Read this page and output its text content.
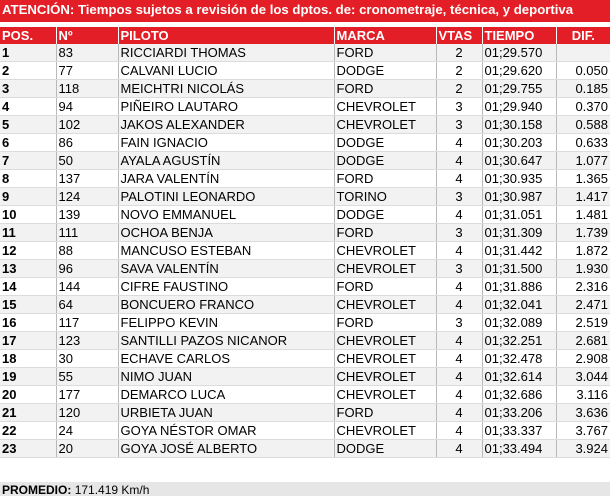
ATENCIÓN: Tiempos sujetos a revisión de los dptos. de: cronometraje, técnica, y deportiva
POS.	Nº	PILOTO	MARCA	VTAS	TIEMPO	DIF.
1	83	RICCIARDI THOMAS	FORD	2	01;29.570	
2	77	CALVANI LUCIO	DODGE	2	01;29.620	0.050
3	118	MEICHTRI NICOLÁS	FORD	2	01;29.755	0.185
4	94	PIÑEIRO LAUTARO	CHEVROLET	3	01;29.940	0.370
5	102	JAKOS ALEXANDER	CHEVROLET	3	01;30.158	0.588
6	86	FAIN IGNACIO	DODGE	4	01;30.203	0.633
7	50	AYALA AGUSTÍN	DODGE	4	01;30.647	1.077
8	137	JARA VALENTÍN	FORD	4	01;30.935	1.365
9	124	PALOTINI LEONARDO	TORINO	3	01;30.987	1.417
10	139	NOVO EMMANUEL	DODGE	4	01;31.051	1.481
11	111	OCHOA BENJA	FORD	3	01;31.309	1.739
12	88	MANCUSO ESTEBAN	CHEVROLET	4	01;31.442	1.872
13	96	SAVA VALENTÍN	CHEVROLET	3	01;31.500	1.930
14	144	CIFRE FAUSTINO	FORD	4	01;31.886	2.316
15	64	BONCUERO FRANCO	CHEVROLET	4	01;32.041	2.471
16	117	FELIPPO KEVIN	FORD	3	01;32.089	2.519
17	123	SANTILLI PAZOS NICANOR	CHEVROLET	4	01;32.251	2.681
18	30	ECHAVE CARLOS	CHEVROLET	4	01;32.478	2.908
19	55	NIMO JUAN	CHEVROLET	4	01;32.614	3.044
20	177	DEMARCO LUCA	CHEVROLET	4	01;32.686	3.116
21	120	URBIETA JUAN	FORD	4	01;33.206	3.636
22	24	GOYA NÉSTOR OMAR	CHEVROLET	4	01;33.337	3.767
23	20	GOYA JOSÉ ALBERTO	DODGE	4	01;33.494	3.924
PROMEDIO: 171.419 Km/h
